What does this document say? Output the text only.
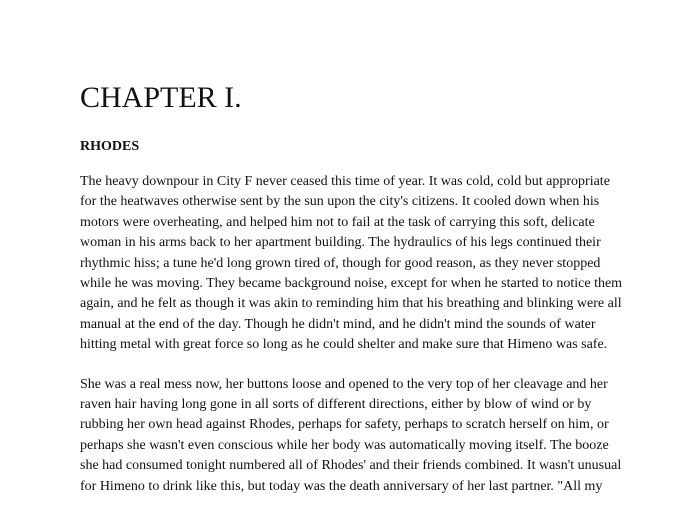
CHAPTER I.
RHODES

The heavy downpour in City F never ceased this time of year. It was cold, cold but appropriate
for the heatwaves otherwise sent by the sun upon the city's citizens. It cooled down when his
motors were overheating, and helped him not to fail at the task of carrying this soft, delicate
woman in his arms back to her apartment building. The hydraulics of his legs continued their
rhythmic hiss; a tune he'd long grown tired of, though for good reason, as they never stopped
while he was moving. They became background noise, except for when he started to notice them
again, and he felt as though it was akin to reminding him that his breathing and blinking were all
manual at the end of the day. Though he didn't mind, and he didn't mind the sounds of water
hitting metal with great force so long as he could shelter and make sure that Himeno was safe.

She was a real mess now, her buttons loose and opened to the very top of her cleavage and her
raven hair having long gone in all sorts of different directions, either by blow of wind or by
rubbing her own head against Rhodes, perhaps for safety, perhaps to scratch herself on him, or
perhaps she wasn't even conscious while her body was automatically moving itself. The booze
she had consumed tonight numbered all of Rhodes' and their friends combined. It wasn't unusual
for Himeno to drink like this, but today was the death anniversary of her last partner. "All my
